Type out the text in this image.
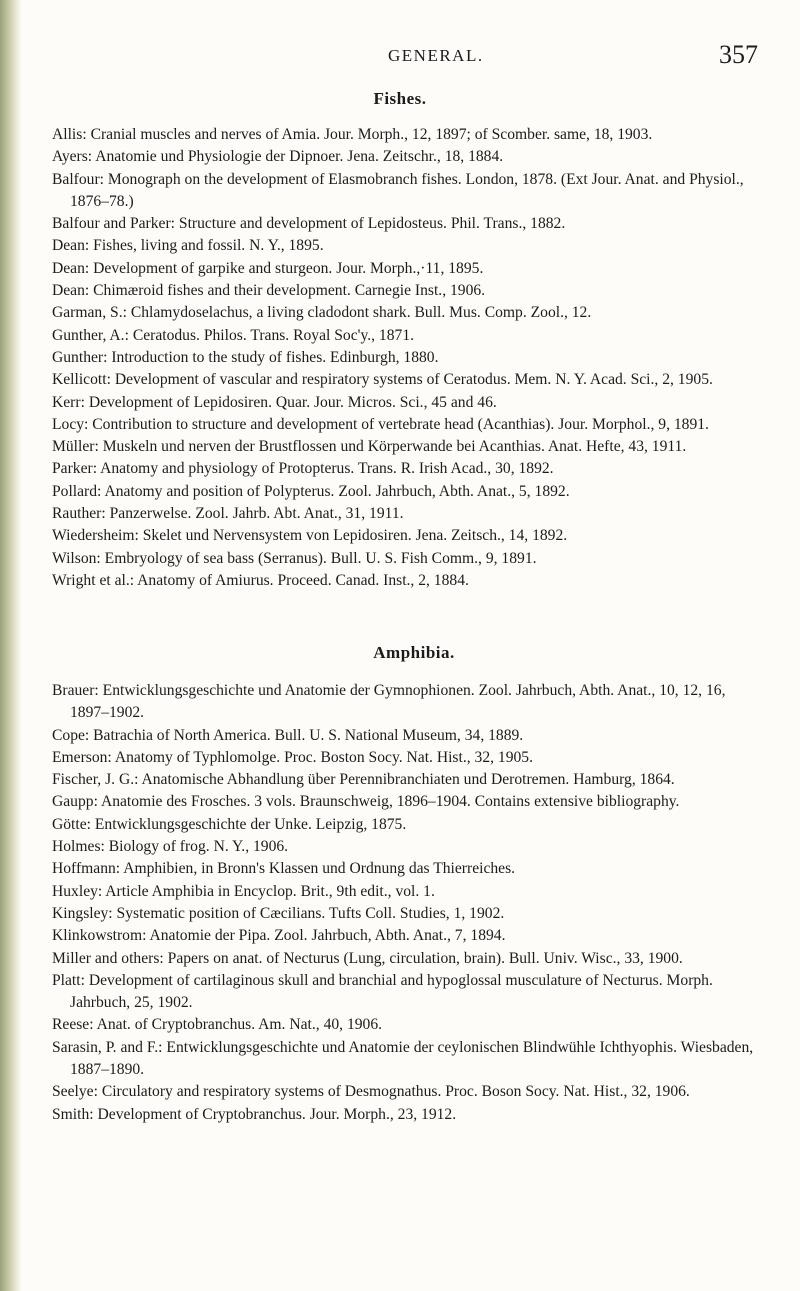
GENERAL.	357
Fishes.
Allis: Cranial muscles and nerves of Amia. Jour. Morph., 12, 1897; of Scomber. same, 18, 1903.
Ayers: Anatomie und Physiologie der Dipnoer. Jena. Zeitschr., 18, 1884.
Balfour: Monograph on the development of Elasmobranch fishes. London, 1878. (Ext Jour. Anat. and Physiol., 1876–78.)
Balfour and Parker: Structure and development of Lepidosteus. Phil. Trans., 1882.
Dean: Fishes, living and fossil. N. Y., 1895.
Dean: Development of garpike and sturgeon. Jour. Morph.,·11, 1895.
Dean: Chimæroid fishes and their development. Carnegie Inst., 1906.
Garman, S.: Chlamydoselachus, a living cladodont shark. Bull. Mus. Comp. Zool., 12.
Gunther, A.: Ceratodus. Philos. Trans. Royal Soc'y., 1871.
Gunther: Introduction to the study of fishes. Edinburgh, 1880.
Kellicott: Development of vascular and respiratory systems of Ceratodus. Mem. N. Y. Acad. Sci., 2, 1905.
Kerr: Development of Lepidosiren. Quar. Jour. Micros. Sci., 45 and 46.
Locy: Contribution to structure and development of vertebrate head (Acanthias). Jour. Morphol., 9, 1891.
Müller: Muskeln und nerven der Brustflossen und Körperwande bei Acanthias. Anat. Hefte, 43, 1911.
Parker: Anatomy and physiology of Protopterus. Trans. R. Irish Acad., 30, 1892.
Pollard: Anatomy and position of Polypterus. Zool. Jahrbuch, Abth. Anat., 5, 1892.
Rauther: Panzerwelse. Zool. Jahrb. Abt. Anat., 31, 1911.
Wiedersheim: Skelet und Nervensystem von Lepidosiren. Jena. Zeitsch., 14, 1892.
Wilson: Embryology of sea bass (Serranus). Bull. U. S. Fish Comm., 9, 1891.
Wright et al.: Anatomy of Amiurus. Proceed. Canad. Inst., 2, 1884.
Amphibia.
Brauer: Entwicklungsgeschichte und Anatomie der Gymnophionen. Zool. Jahrbuch, Abth. Anat., 10, 12, 16, 1897–1902.
Cope: Batrachia of North America. Bull. U. S. National Museum, 34, 1889.
Emerson: Anatomy of Typhlomolge. Proc. Boston Socy. Nat. Hist., 32, 1905.
Fischer, J. G.: Anatomische Abhandlung über Perennibranchiaten und Derotremen. Hamburg, 1864.
Gaupp: Anatomie des Frosches. 3 vols. Braunschweig, 1896–1904. Contains extensive bibliography.
Götte: Entwicklungsgeschichte der Unke. Leipzig, 1875.
Holmes: Biology of frog. N. Y., 1906.
Hoffmann: Amphibien, in Bronn's Klassen und Ordnung das Thierreiches.
Huxley: Article Amphibia in Encyclop. Brit., 9th edit., vol. 1.
Kingsley: Systematic position of Cæcilians. Tufts Coll. Studies, 1, 1902.
Klinkowstrom: Anatomie der Pipa. Zool. Jahrbuch, Abth. Anat., 7, 1894.
Miller and others: Papers on anat. of Necturus (Lung, circulation, brain). Bull. Univ. Wisc., 33, 1900.
Platt: Development of cartilaginous skull and branchial and hypoglossal musculature of Necturus. Morph. Jahrbuch, 25, 1902.
Reese: Anat. of Cryptobranchus. Am. Nat., 40, 1906.
Sarasin, P. and F.: Entwicklungsgeschichte und Anatomie der ceylonischen Blindwühle Ichthyophis. Wiesbaden, 1887–1890.
Seelye: Circulatory and respiratory systems of Desmognathus. Proc. Boson Socy. Nat. Hist., 32, 1906.
Smith: Development of Cryptobranchus. Jour. Morph., 23, 1912.
